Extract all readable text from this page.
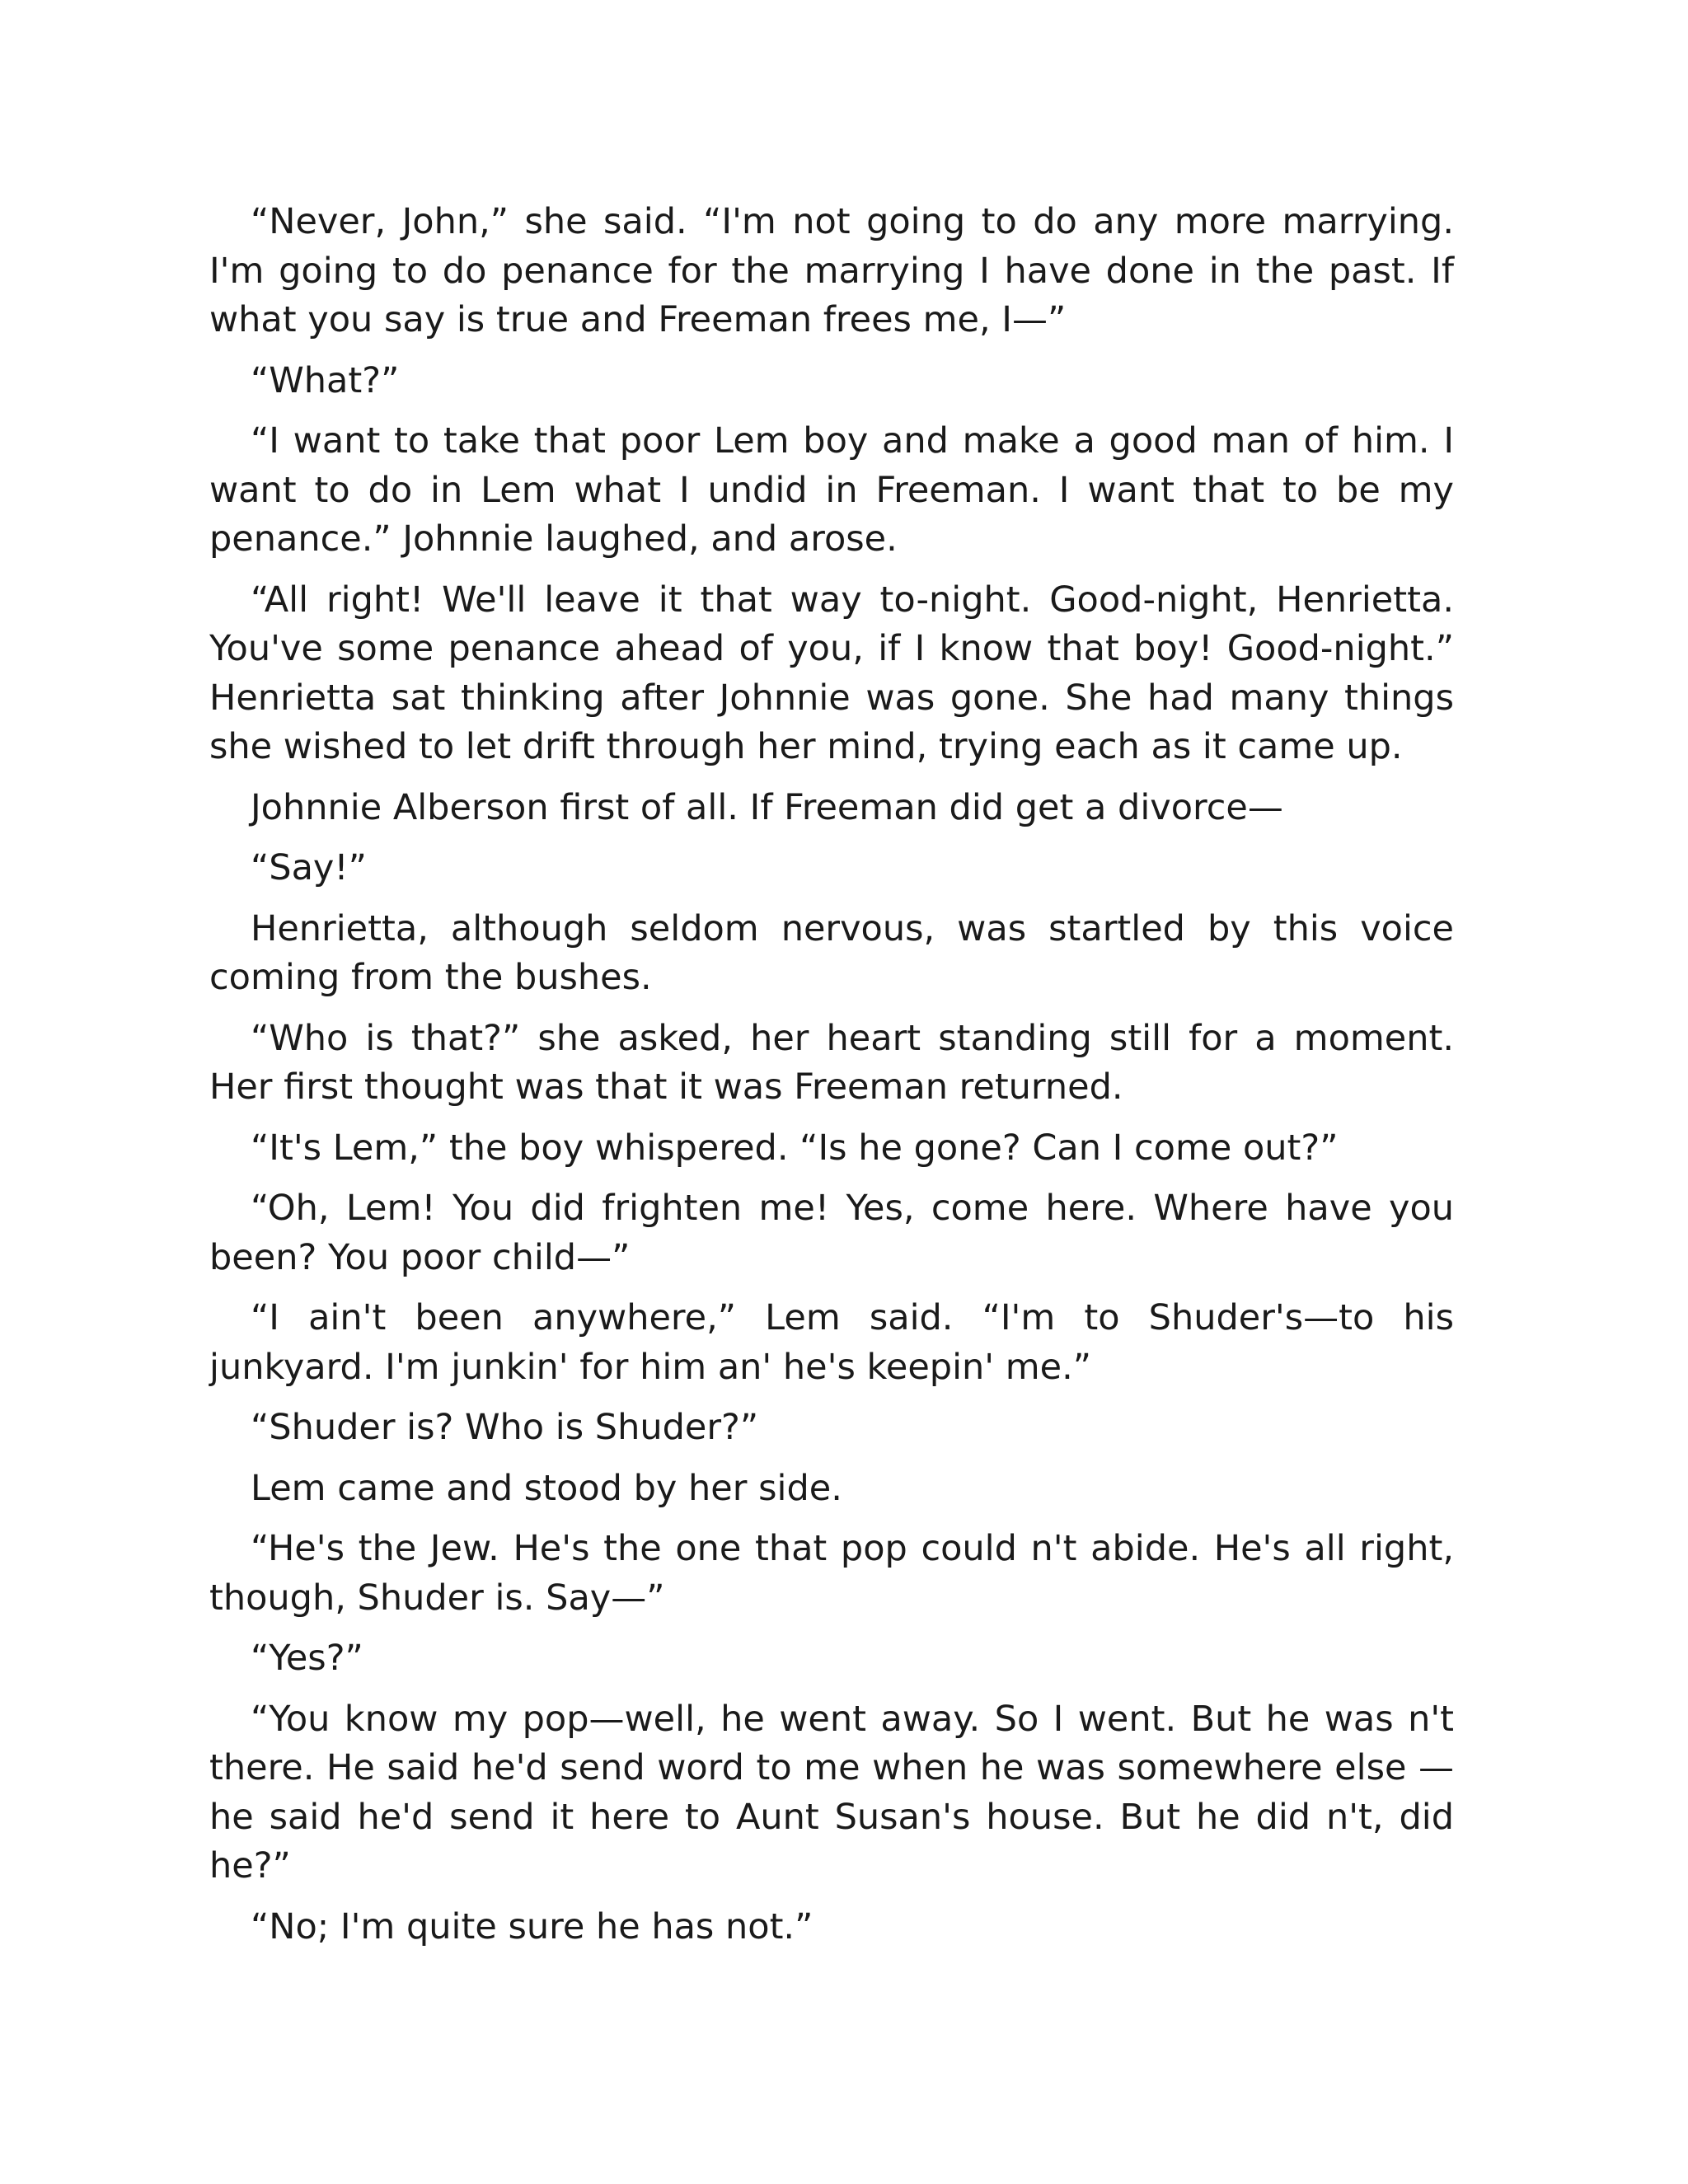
“Never, John,” she said. “I'm not going to do any more marrying. I'm going to do penance for the marrying I have done in the past. If what you say is true and Freeman frees me, I—”

“What?”

“I want to take that poor Lem boy and make a good man of him. I want to do in Lem what I undid in Freeman. I want that to be my penance.” Johnnie laughed, and arose.

“All right! We'll leave it that way to-night. Good-night, Henrietta. You've some penance ahead of you, if I know that boy! Good-night.” Henrietta sat thinking after Johnnie was gone. She had many things she wished to let drift through her mind, trying each as it came up.

Johnnie Alberson first of all. If Freeman did get a divorce—

“Say!”

Henrietta, although seldom nervous, was startled by this voice coming from the bushes.

“Who is that?” she asked, her heart standing still for a moment. Her first thought was that it was Freeman returned.

“It's Lem,” the boy whispered. “Is he gone? Can I come out?”

“Oh, Lem! You did frighten me! Yes, come here. Where have you been? You poor child—”

“I ain't been anywhere,” Lem said. “I'm to Shuder's—to his junkyard. I'm junkin' for him an' he's keepin' me.”

“Shuder is? Who is Shuder?”

Lem came and stood by her side.

“He's the Jew. He's the one that pop could n't abide. He's all right, though, Shuder is. Say—”

“Yes?”

“You know my pop—well, he went away. So I went. But he was n't there. He said he'd send word to me when he was somewhere else —he said he'd send it here to Aunt Susan's house. But he did n't, did he?”

“No; I'm quite sure he has not.”
